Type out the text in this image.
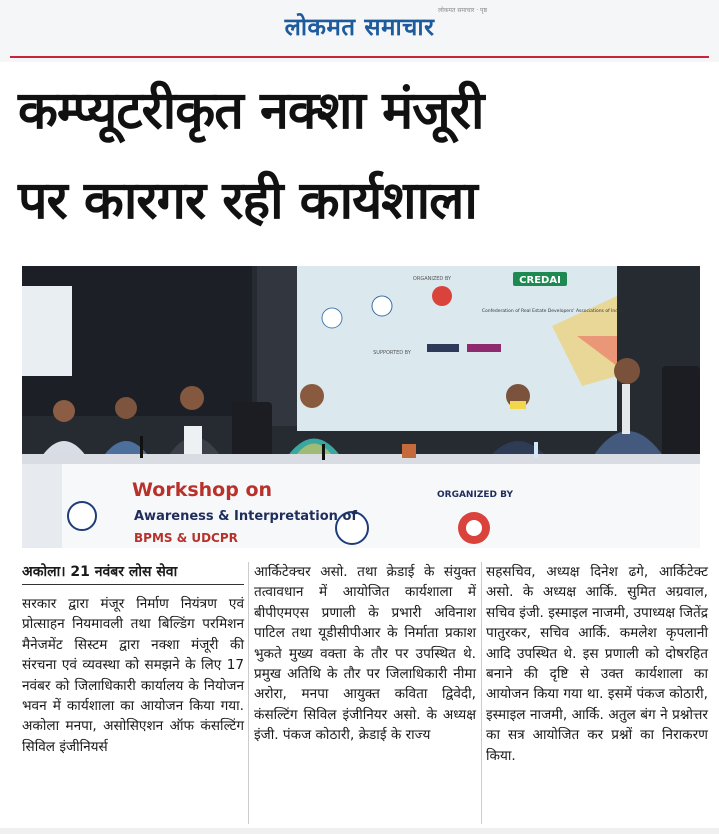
लोकमत समाचार
लोकमत समाचार · पृष्ठ
कम्प्यूटरीकृत नक्शा मंजूरी
पर कारगर रही कार्यशाला
CREDAI
Confederation of Real Estate Developers' Associations of India
ORGANIZED BY
SUPPORTED BY
Workshop on
Awareness & Interpretation of
BPMS & UDCPR
ORGANIZED BY
अकोला। 21 नवंबर लोस सेवा
सरकार द्वारा मंजूर निर्माण नियंत्रण एवं प्रोत्साहन नियमावली तथा बिल्डिंग परमिशन मैनेजमेंट सिस्टम द्वारा नक्शा मंजूरी की संरचना एवं व्यवस्था को समझने के लिए 17 नवंबर को जिलाधिकारी कार्यालय के नियोजन भवन में कार्यशाला का आयोजन किया गया. अकोला मनपा, असोसिएशन ऑफ कंसल्टिंग सिविल इंजीनियर्स
आर्किटेक्चर असो. तथा क्रेडाई के संयुक्त तत्वावधान में आयोजित कार्यशाला में बीपीएमएस प्रणाली के प्रभारी अविनाश पाटिल तथा यूडीसीपीआर के निर्माता प्रकाश भुकते मुख्य वक्ता के तौर पर उपस्थित थे. प्रमुख अतिथि के तौर पर जिलाधिकारी नीमा अरोरा, मनपा आयुक्त कविता द्विवेदी, कंसल्टिंग सिविल इंजीनियर असो. के अध्यक्ष इंजी. पंकज कोठारी, क्रेडाई के राज्य
सहसचिव, अध्यक्ष दिनेश ढगे, आर्किटेक्ट असो. के अध्यक्ष आर्कि. सुमित अग्रवाल, सचिव इंजी. इस्माइल नाजमी, उपाध्यक्ष जितेंद्र पातुरकर, सचिव आर्कि. कमलेश कृपलानी आदि उपस्थित थे. इस प्रणाली को दोषरहित बनाने की दृष्टि से उक्त कार्यशाला का आयोजन किया गया था. इसमें पंकज कोठारी, इस्माइल नाजमी, आर्कि. अतुल बंग ने प्रश्नोत्तर का सत्र आयोजित कर प्रश्नों का निराकरण किया.
